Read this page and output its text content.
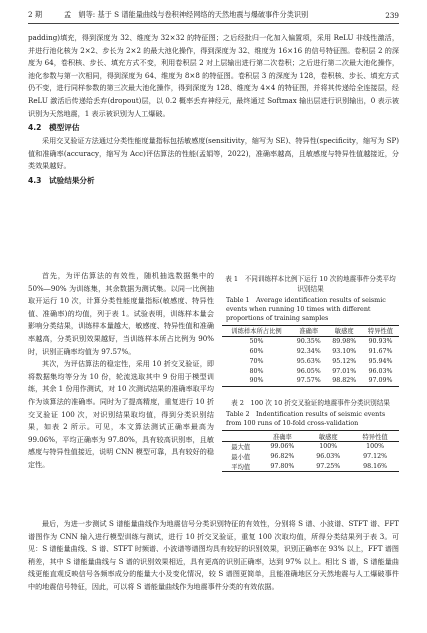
2 期	孟　娟等: 基于 S 谱能量曲线与卷积神经网络的天然地震与爆破事件分类识别	239

padding)填充，得到深度为 32、维度为 32×32 的特征图；之后经批归一化加入偏置项，采用 ReLU 非线性激活，并进行池化核为 2×2、步长为 2×2 的最大池化操作，得到深度为 32、维度为 16×16 的信号特征图。卷积层 2 的深度为 64，卷积核、步长、填充方式不变，利用卷积层 2 对上层输出进行第二次卷积；之后进行第二次最大池化操作，池化参数与第一次相同，得到深度为 64、维度为 8×8 的特征图。卷积层 3 的深度为 128，卷积核、步长、填充方式仍不变，进行同样参数的第三次最大池化操作，得到深度为 128、维度为 4×4 的特征图，并将其传递给全连接层，经 ReLU 激活后传递给丢弃(dropout)层，以 0.2 概率丢弃神经元，最终通过 Softmax 输出层进行识别输出，0 表示被识别为天然地震，1 表示被识别为人工爆破。

4.2　模型评估

采用交叉验证方法通过分类性能度量指标包括敏感度(sensitivity，缩写为 SE)、特异性(specificity，缩写为 SP)值和准确率(accuracy，缩写为 Acc)评估算法的性能(孟娟等，2022)，准确率越高，且敏感度与特异性值越接近，分类效果越好。

4.3　试验结果分析

首先，为评估算法的有效性，随机抽选数据集中的 50%—90% 为训练集，其余数据为测试集。以同一比例抽取开运行 10 次，计算分类性能度量指标(敏感度、特异性值、准确率)的均值，列于表 1。试验表明，训练样本量会影响分类结果，训练样本量越大，敏感度、特异性值和准确率越高，分类识别效果越好，当训练样本所占比例为 90% 时，识别正确率均值为 97.57%。

其次，为评估算法的稳定性，采用 10 折交叉验证，即将数据集均等分为 10 份，轮流选取其中 9 份用于模型训练，其余 1 份用作测试，对 10 次测试结果的准确率取平均作为该算法的准确率。同时为了提高精度，重复进行 10 折交叉验证 100 次，对识别结果取均值，得到分类识别结果，如表 2 所示。可见，本文算法测试正确率最高为 99.06%，平均正确率为 97.80%，具有较高识别率，且敏感度与特异性值接近，说明 CNN 模型可靠，具有较好的稳定性。

表 1　不同训练样本比例下运行 10 次的地震事件分类平均识别结果
Table 1　Average identification results of seismic events when running 10 times with different proportions of training samples
训练样本所占比例	准确率	敏感度	特异性值
50%	90.35%	89.98%	90.93%
60%	92.34%	93.10%	91.67%
70%	95.63%	95.12%	95.94%
80%	96.05%	97.01%	96.03%
90%	97.57%	98.82%	97.09%
表 2　100 次 10 折交叉验证的地震事件分类识别结果
Table 2　Indentification results of seismic events from 100 runs of 10-fold cross-validation
	准确率	敏感度	特异性值
最大值	99.06%	100%	100%
最小值	96.82%	96.03%	97.12%
平均值	97.80%	97.25%	98.16%

最后，为进一步测试 S 谱能量曲线作为地震信号分类识别特征的有效性，分别将 S 谱、小波谱、STFT 谱、FFT 谱图作为 CNN 输入进行模型训练与测试，进行 10 折交叉验证，重复 100 次取均值，所得分类结果列于表 3。可见：S 谱能量曲线、S 谱、STFT 时频谱、小波谱等谱图均具有较好的识别效果，识别正确率在 93% 以上，FFT 谱图稍差，其中 S 谱能量曲线与 S 谱的识别效果相近，具有更高的识别正确率，达到 97% 以上。相比 S 谱，S 谱能量曲线更能直观反映信号各频率成分的能量大小及变化情况，较 S 谱图更简单，且能准确地区分天然地震与人工爆破事件中的地震信号特征，因此，可以将 S 谱能量曲线作为地震事件分类的有效依据。
